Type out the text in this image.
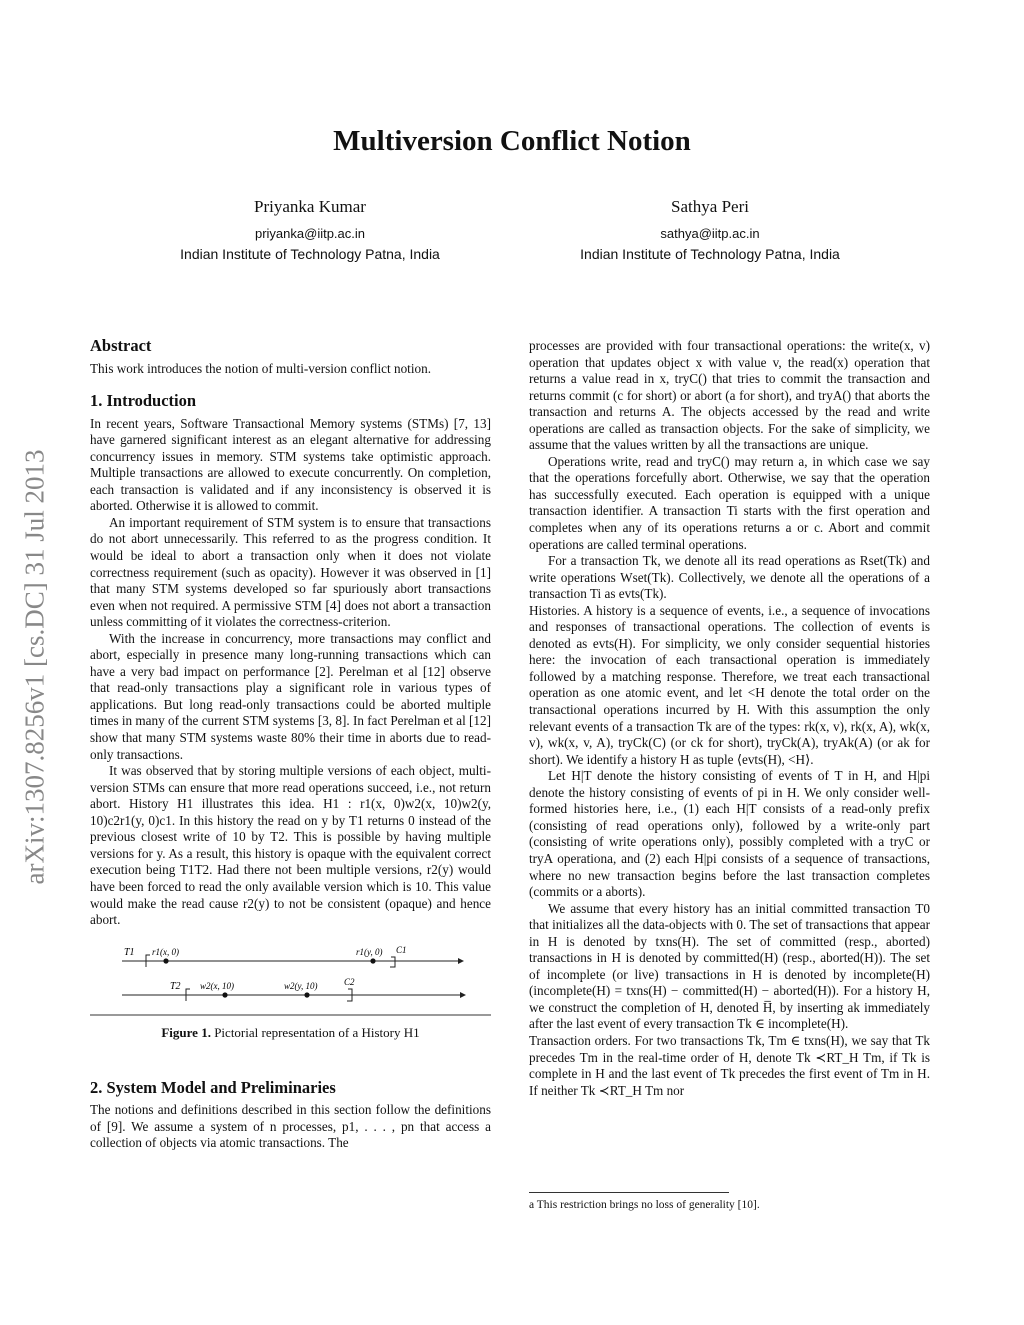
arXiv:1307.8256v1 [cs.DC] 31 Jul 2013
Multiversion Conflict Notion
Priyanka Kumar
priyanka@iitp.ac.in
Indian Institute of Technology Patna, India
Sathya Peri
sathya@iitp.ac.in
Indian Institute of Technology Patna, India
Abstract

This work introduces the notion of multi-version conflict notion.

1. Introduction

In recent years, Software Transactional Memory systems (STMs) [7, 13] have garnered significant interest as an elegant alternative for addressing concurrency issues in memory. STM systems take optimistic approach. Multiple transactions are allowed to execute concurrently. On completion, each transaction is validated and if any inconsistency is observed it is aborted. Otherwise it is allowed to commit.

An important requirement of STM system is to ensure that transactions do not abort unnecessarily. This referred to as the progress condition. It would be ideal to abort a transaction only when it does not violate correctness requirement (such as opacity). However it was observed in [1] that many STM systems developed so far spuriously abort transactions even when not required. A permissive STM [4] does not abort a transaction unless committing of it violates the correctness-criterion.

With the increase in concurrency, more transactions may conflict and abort, especially in presence many long-running transactions which can have a very bad impact on performance [2]. Perelman et al [12] observe that read-only transactions play a significant role in various types of applications. But long read-only transactions could be aborted multiple times in many of the current STM systems [3, 8]. In fact Perelman et al [12] show that many STM systems waste 80% their time in aborts due to read-only transactions.

It was observed that by storing multiple versions of each object, multi-version STMs can ensure that more read operations succeed, i.e., not return abort. History H1 illustrates this idea. H1 : r1(x, 0)w2(x, 10)w2(y, 10)c2r1(y, 0)c1. In this history the read on y by T1 returns 0 instead of the previous closest write of 10 by T2. This is possible by having multiple versions for y. As a result, this history is opaque with the equivalent correct execution being T1T2. Had there not been multiple versions, r2(y) would have been forced to read the only available version which is 10. This value would make the read cause r2(y) to not be consistent (opaque) and hence abort.

T1 r1(x, 0)	r1(y, 0) C1
T2 w2(x, 10)	w2(y, 10)	C2
Figure 1. Pictorial representation of a History H1
2. System Model and Preliminaries

The notions and definitions described in this section follow the definitions of [9]. We assume a system of n processes, p1, . . . , pn that access a collection of objects via atomic transactions. The

processes are provided with four transactional operations: the write(x, v) operation that updates object x with value v, the read(x) operation that returns a value read in x, tryC() that tries to commit the transaction and returns commit (c for short) or abort (a for short), and tryA() that aborts the transaction and returns A. The objects accessed by the read and write operations are called as transaction objects. For the sake of simplicity, we assume that the values written by all the transactions are unique.

Operations write, read and tryC() may return a, in which case we say that the operations forcefully abort. Otherwise, we say that the operation has successfully executed. Each operation is equipped with a unique transaction identifier. A transaction Ti starts with the first operation and completes when any of its operations returns a or c. Abort and commit operations are called terminal operations.

For a transaction Tk, we denote all its read operations as Rset(Tk) and write operations Wset(Tk). Collectively, we denote all the operations of a transaction Ti as evts(Tk).

Histories. A history is a sequence of events, i.e., a sequence of invocations and responses of transactional operations. The collection of events is denoted as evts(H). For simplicity, we only consider sequential histories here: the invocation of each transactional operation is immediately followed by a matching response. Therefore, we treat each transactional operation as one atomic event, and let <H denote the total order on the transactional operations incurred by H. With this assumption the only relevant events of a transaction Tk are of the types: rk(x, v), rk(x, A), wk(x, v), wk(x, v, A), tryCk(C) (or ck for short), tryCk(A), tryAk(A) (or ak for short). We identify a history H as tuple ⟨evts(H), <H⟩.

Let H|T denote the history consisting of events of T in H, and H|pi denote the history consisting of events of pi in H. We only consider well-formed histories here, i.e., (1) each H|T consists of a read-only prefix (consisting of read operations only), followed by a write-only part (consisting of write operations only), possibly completed with a tryC or tryA operationa, and (2) each H|pi consists of a sequence of transactions, where no new transaction begins before the last transaction completes (commits or a aborts).

We assume that every history has an initial committed transaction T0 that initializes all the data-objects with 0. The set of transactions that appear in H is denoted by txns(H). The set of committed (resp., aborted) transactions in H is denoted by committed(H) (resp., aborted(H)). The set of incomplete (or live) transactions in H is denoted by incomplete(H) (incomplete(H) = txns(H) − committed(H) − aborted(H)). For a history H, we construct the completion of H, denoted H̅, by inserting ak immediately after the last event of every transaction Tk ∈ incomplete(H).

Transaction orders. For two transactions Tk, Tm ∈ txns(H), we say that Tk precedes Tm in the real-time order of H, denote Tk ≺RT_H Tm, if Tk is complete in H and the last event of Tk precedes the first event of Tm in H. If neither Tk ≺RT_H Tm nor

a This restriction brings no loss of generality [10].
